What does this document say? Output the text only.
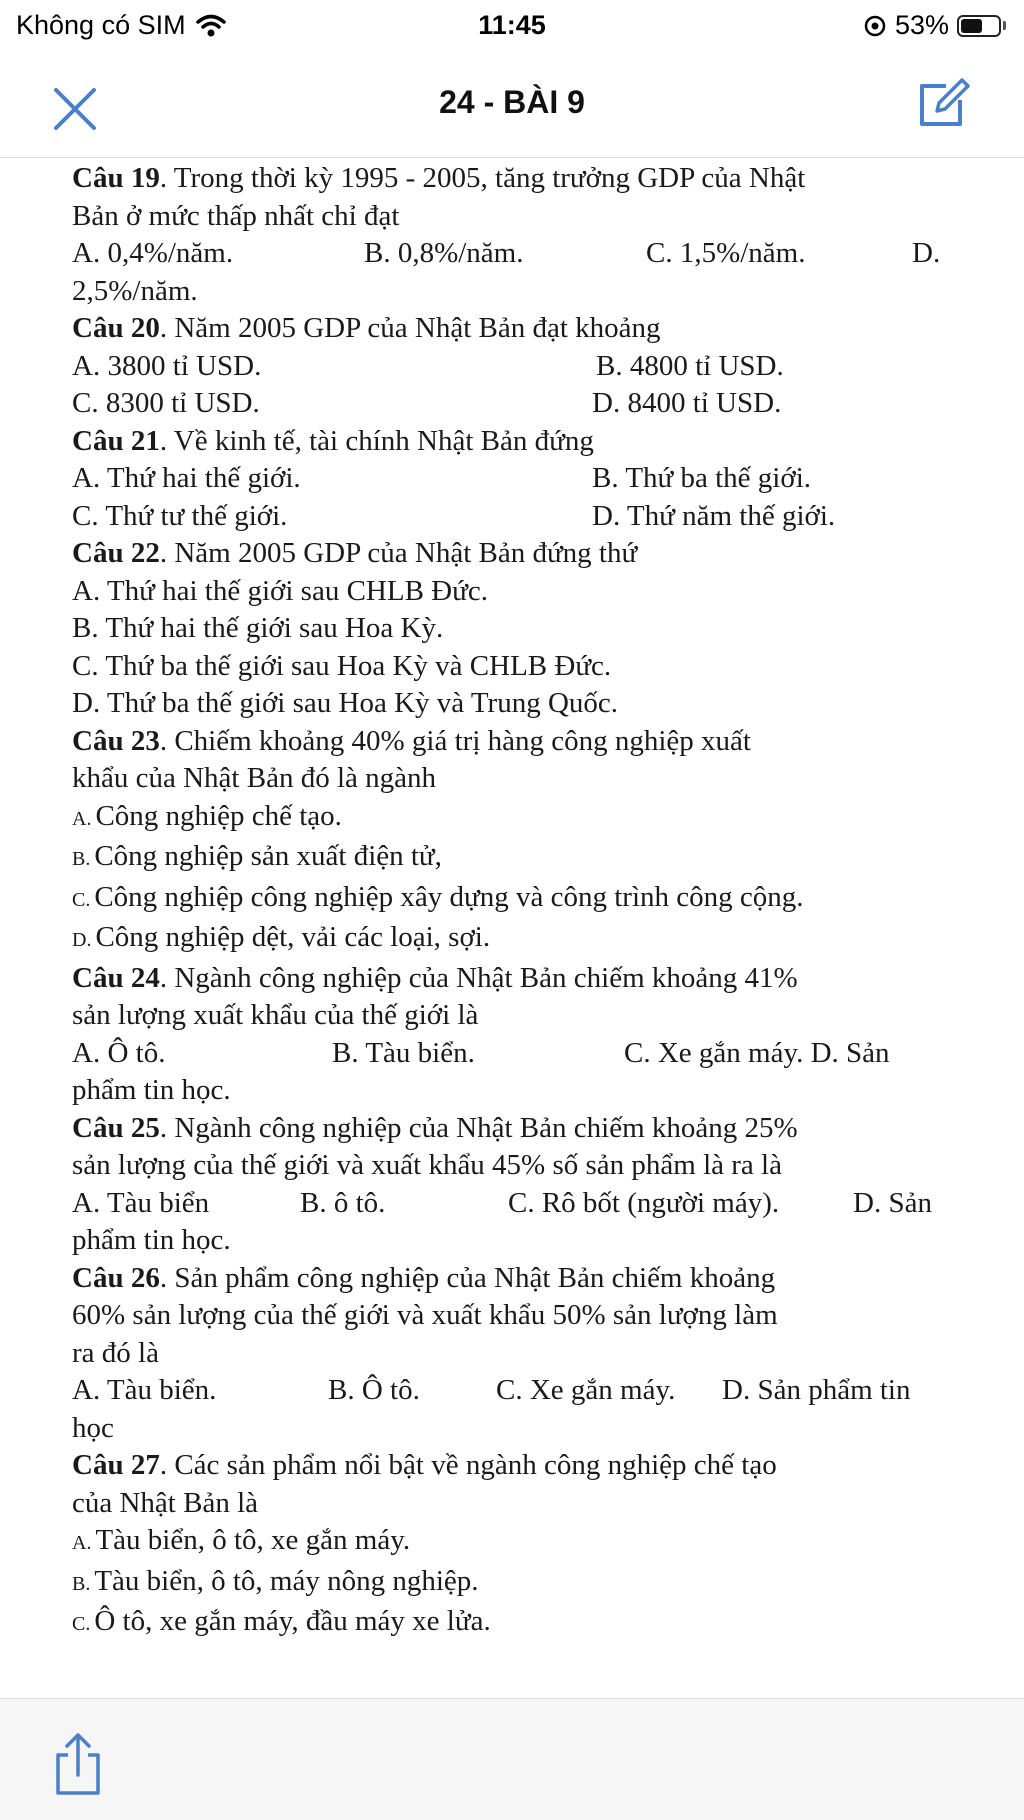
Không có SIM	11:45	53%
24 - BÀI 9
Câu 19. Trong thời kỳ 1995 - 2005, tăng trưởng GDP của Nhật
Bản ở mức thấp nhất chỉ đạt
A. 0,4%/năm.	B. 0,8%/năm.	C. 1,5%/năm.	D.
2,5%/năm.
Câu 20. Năm 2005 GDP của Nhật Bản đạt khoảng
A. 3800 tỉ USD.	B. 4800 tỉ USD.
C. 8300 tỉ USD.	D. 8400 tỉ USD.
Câu 21. Về kinh tế, tài chính Nhật Bản đứng
A. Thứ hai thế giới.	B. Thứ ba thế giới.
C. Thứ tư thế giới.	D. Thứ năm thế giới.
Câu 22. Năm 2005 GDP của Nhật Bản đứng thứ
A. Thứ hai thế giới sau CHLB Đức.
B. Thứ hai thế giới sau Hoa Kỳ.
C. Thứ ba thế giới sau Hoa Kỳ và CHLB Đức.
D. Thứ ba thế giới sau Hoa Kỳ và Trung Quốc.
Câu 23. Chiếm khoảng 40% giá trị hàng công nghiệp xuất
khẩu của Nhật Bản đó là ngành
A. Công nghiệp chế tạo.
B. Công nghiệp sản xuất điện tử,
C. Công nghiệp công nghiệp xây dựng và công trình công cộng.
D. Công nghiệp dệt, vải các loại, sợi.
Câu 24. Ngành công nghiệp của Nhật Bản chiếm khoảng 41%
sản lượng xuất khẩu của thế giới là
A. Ô tô.	B. Tàu biển.	C. Xe gắn máy. D. Sản
phẩm tin học.
Câu 25. Ngành công nghiệp của Nhật Bản chiếm khoảng 25%
sản lượng của thế giới và xuất khẩu 45% số sản phẩm là ra là
A. Tàu biển	B. ô tô.	C. Rô bốt (người máy).	D. Sản
phẩm tin học.
Câu 26. Sản phẩm công nghiệp của Nhật Bản chiếm khoảng
60% sản lượng của thế giới và xuất khẩu 50% sản lượng làm
ra đó là
A. Tàu biển.	B. Ô tô.	C. Xe gắn máy.	D. Sản phẩm tin
học
Câu 27. Các sản phẩm nổi bật về ngành công nghiệp chế tạo
của Nhật Bản là
A. Tàu biển, ô tô, xe gắn máy.
B. Tàu biển, ô tô, máy nông nghiệp.
C. Ô tô, xe gắn máy, đầu máy xe lửa.
